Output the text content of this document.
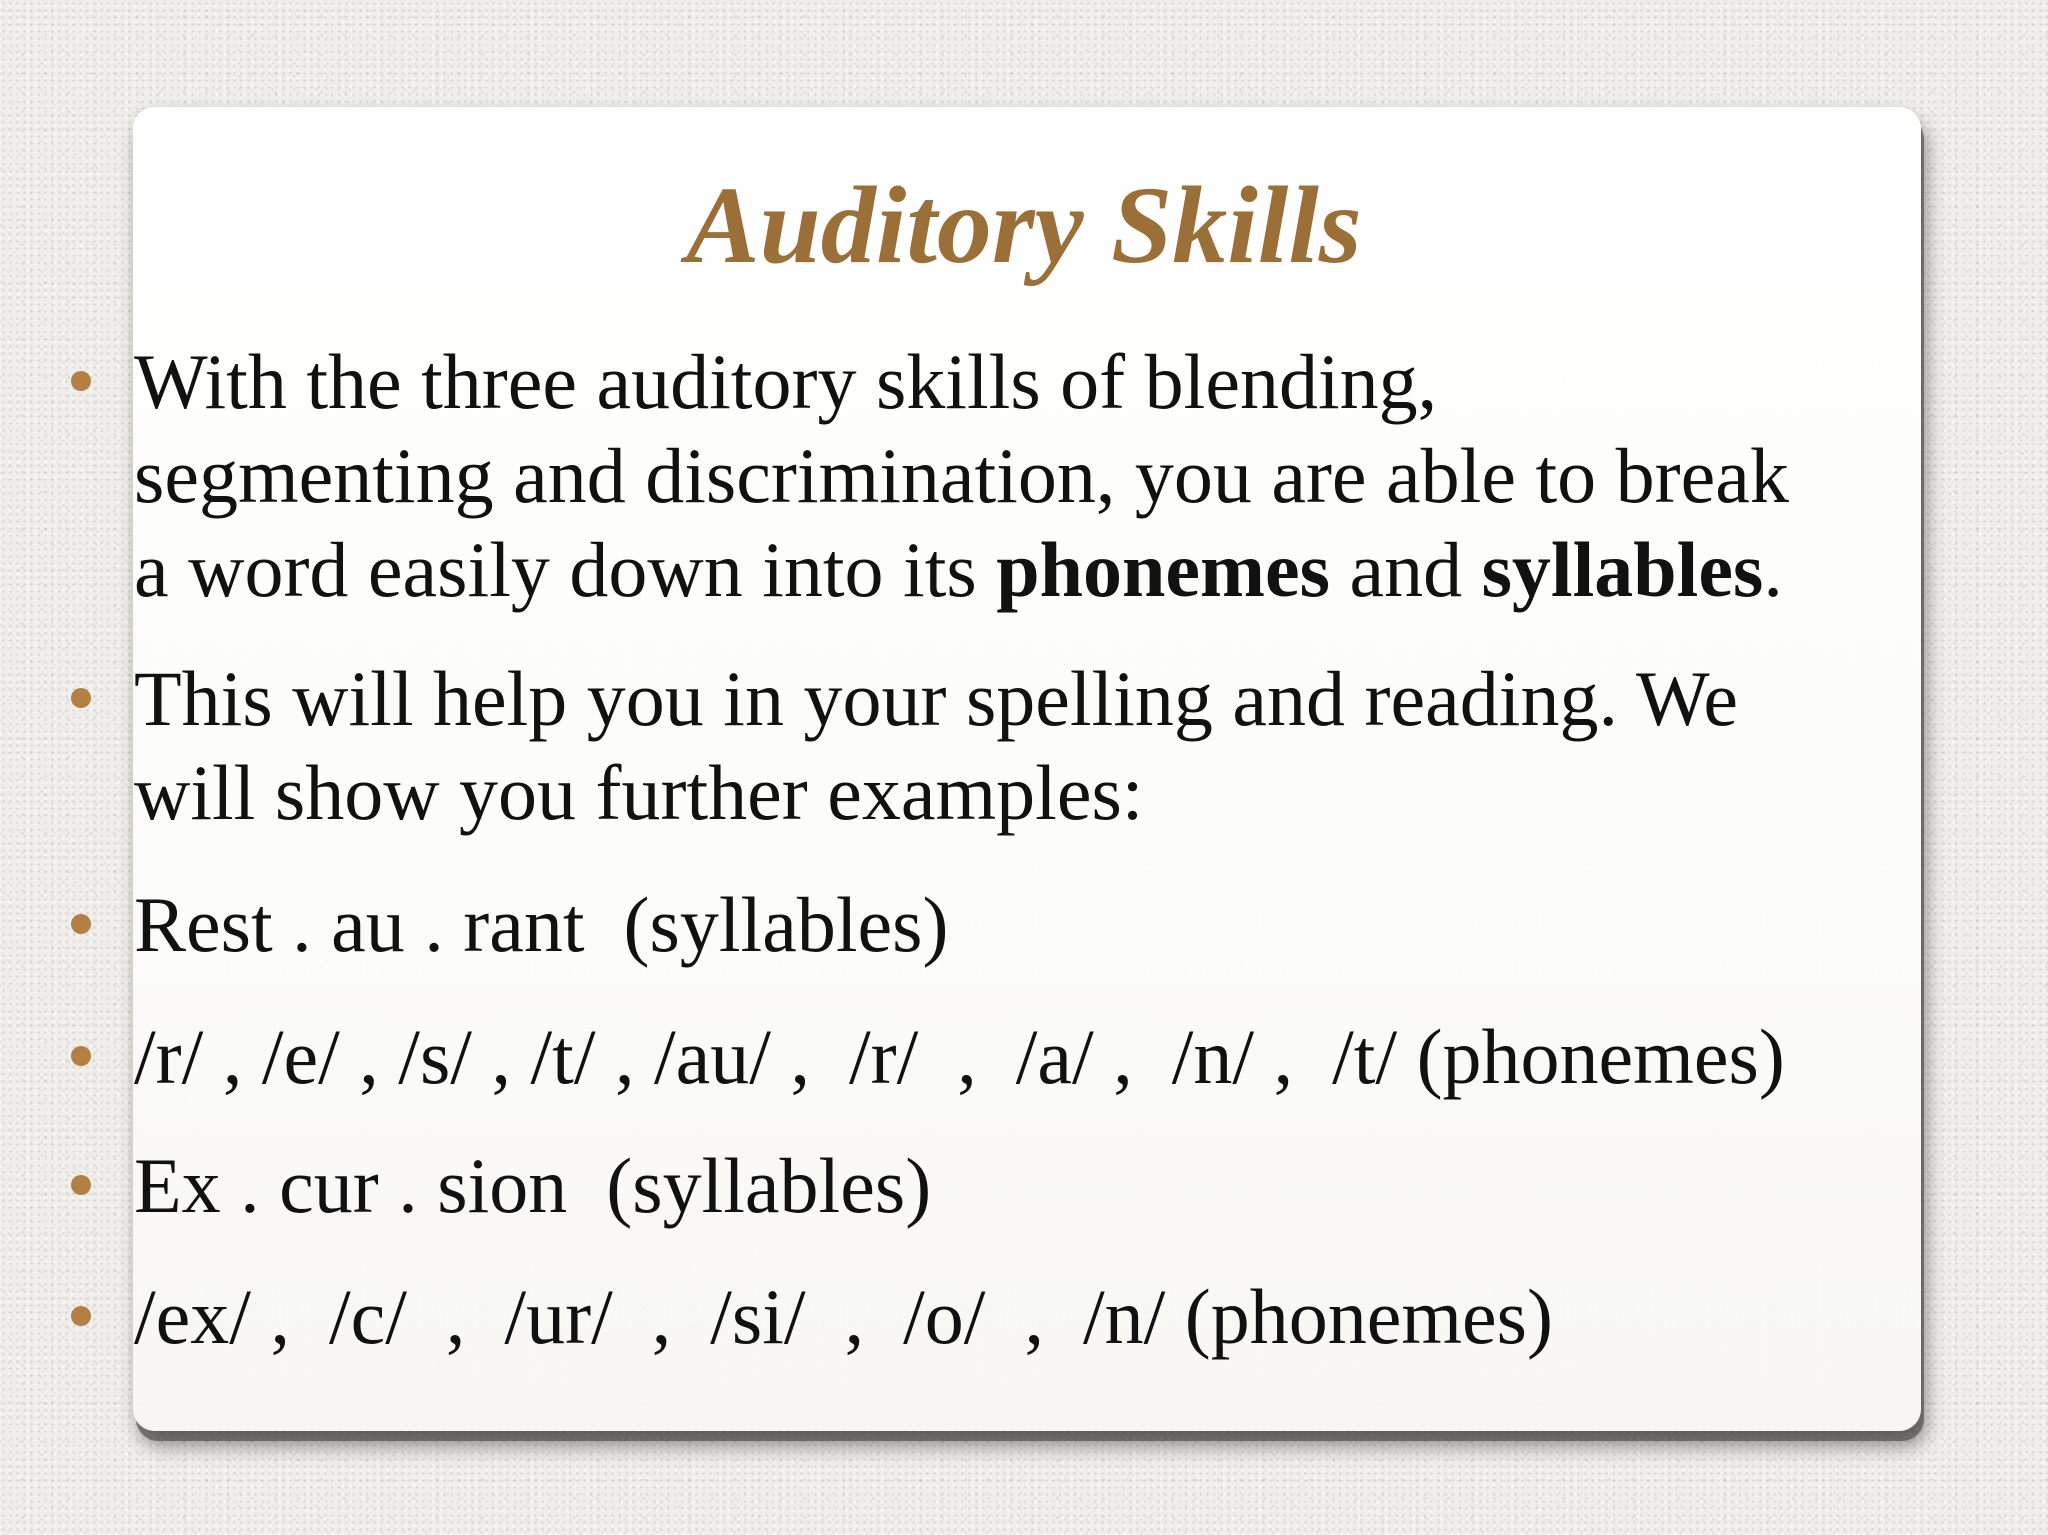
Auditory Skills
With the three auditory skills of blending,
segmenting and discrimination, you are able to break
a word easily down into its phonemes and syllables.
This will help you in your spelling and reading. We
will show you further examples:
Rest . au . rant  (syllables)
/r/ , /e/ , /s/ , /t/ , /au/ ,  /r/  ,  /a/ ,  /n/ ,  /t/ (phonemes)
Ex . cur . sion  (syllables)
/ex/ ,  /c/  ,  /ur/  ,  /si/  ,  /o/  ,  /n/ (phonemes)
